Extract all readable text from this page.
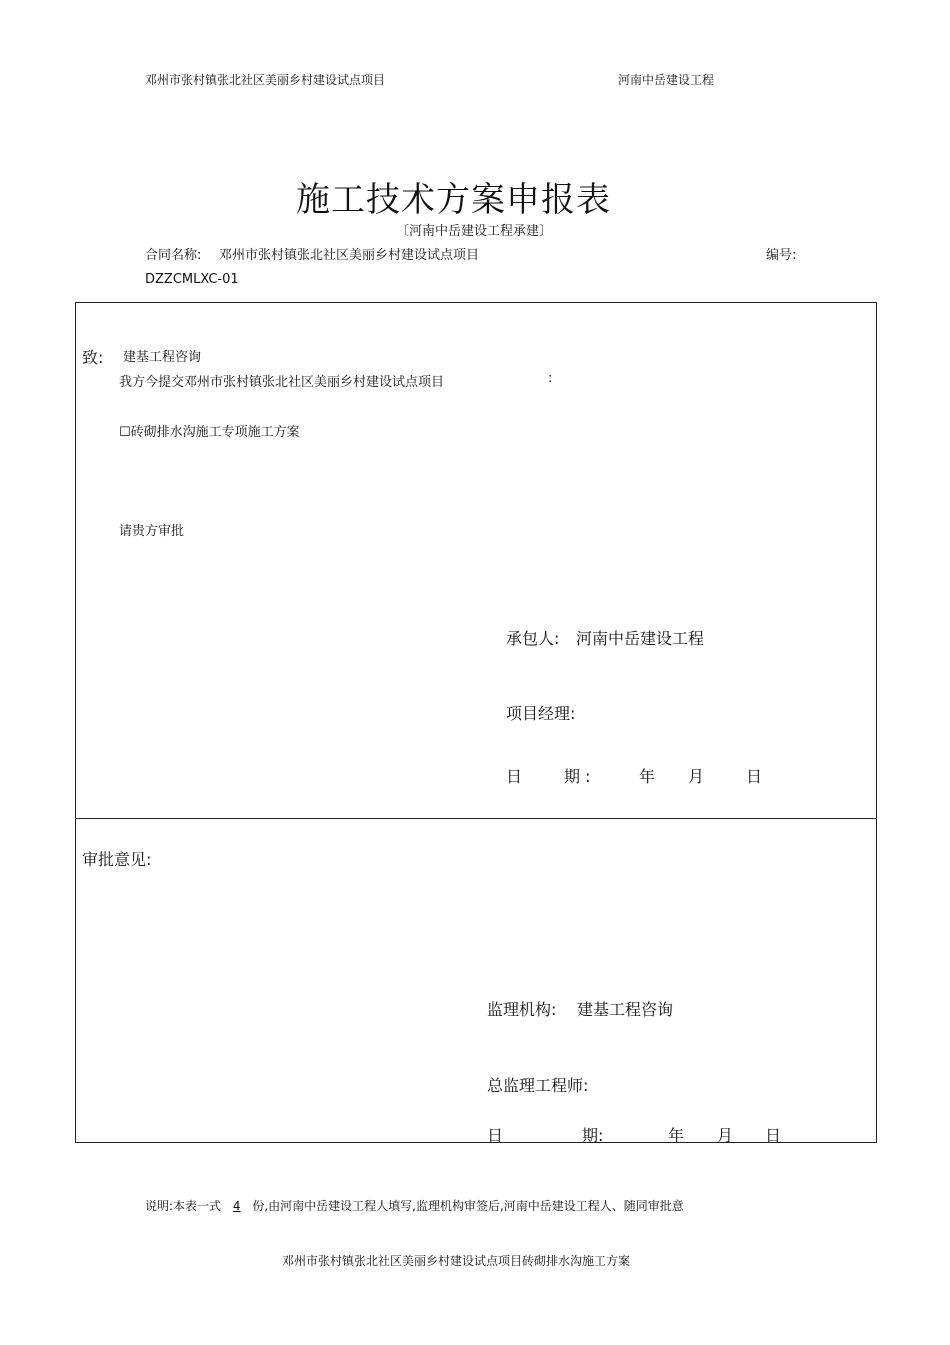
邓州市张村镇张北社区美丽乡村建设试点项目	河南中岳建设工程
施工技术方案申报表
〔河南中岳建设工程承建〕
合同名称: 邓州市张村镇张北社区美丽乡村建设试点项目	编号:
DZZCMLXC-01
致: 建基工程咨询
我方今提交邓州市张村镇张北社区美丽乡村建设试点项目	:
☐砖砌排水沟施工专项施工方案
请贵方审批
承包人: 河南中岳建设工程
项目经理:
日	期 :	年 月	日
审批意见:
监理机构: 建基工程咨询
总监理工程师:
日	期:	年 月 日
说明:本表一式 4 份,由河南中岳建设工程人填写,监理机构审签后,河南中岳建设工程人、随同审批意
邓州市张村镇张北社区美丽乡村建设试点项目砖砌排水沟施工方案
